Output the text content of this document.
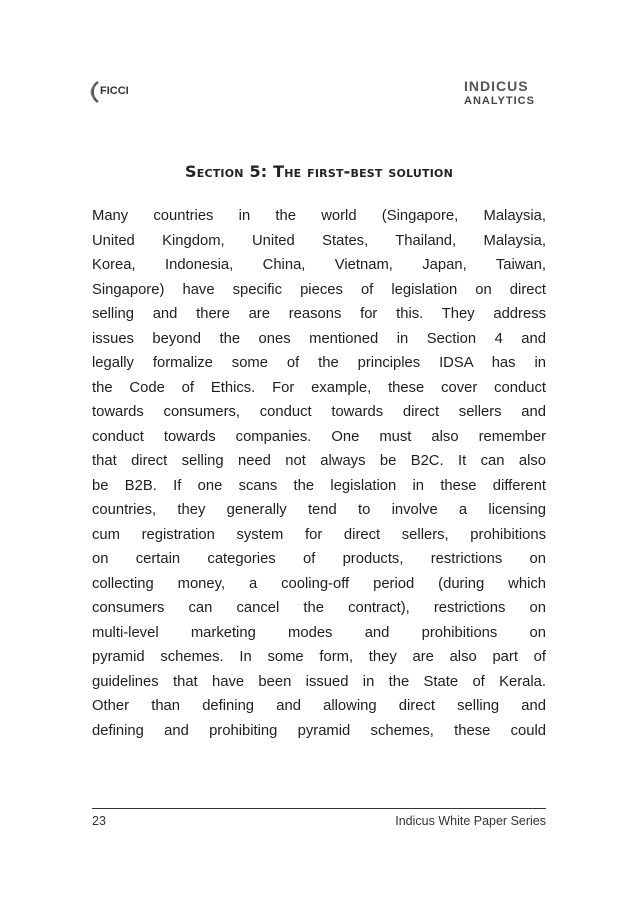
FICCI	INDICUS
ANALYTICS
Section 5: The first-best solution
Many countries in the world (Singapore, Malaysia,
United Kingdom, United States, Thailand, Malaysia,
Korea, Indonesia, China, Vietnam, Japan, Taiwan,
Singapore) have specific pieces of legislation on direct
selling and there are reasons for this. They address
issues beyond the ones mentioned in Section 4 and
legally formalize some of the principles IDSA has in
the Code of Ethics. For example, these cover conduct
towards consumers, conduct towards direct sellers and
conduct towards companies. One must also remember
that direct selling need not always be B2C. It can also
be B2B. If one scans the legislation in these different
countries, they generally tend to involve a licensing
cum registration system for direct sellers, prohibitions
on certain categories of products, restrictions on
collecting money, a cooling-off period (during which
consumers can cancel the contract), restrictions on
multi-level marketing modes and prohibitions on
pyramid schemes. In some form, they are also part of
guidelines that have been issued in the State of Kerala.
Other than defining and allowing direct selling and
defining and prohibiting pyramid schemes, these could
23	Indicus White Paper Series
